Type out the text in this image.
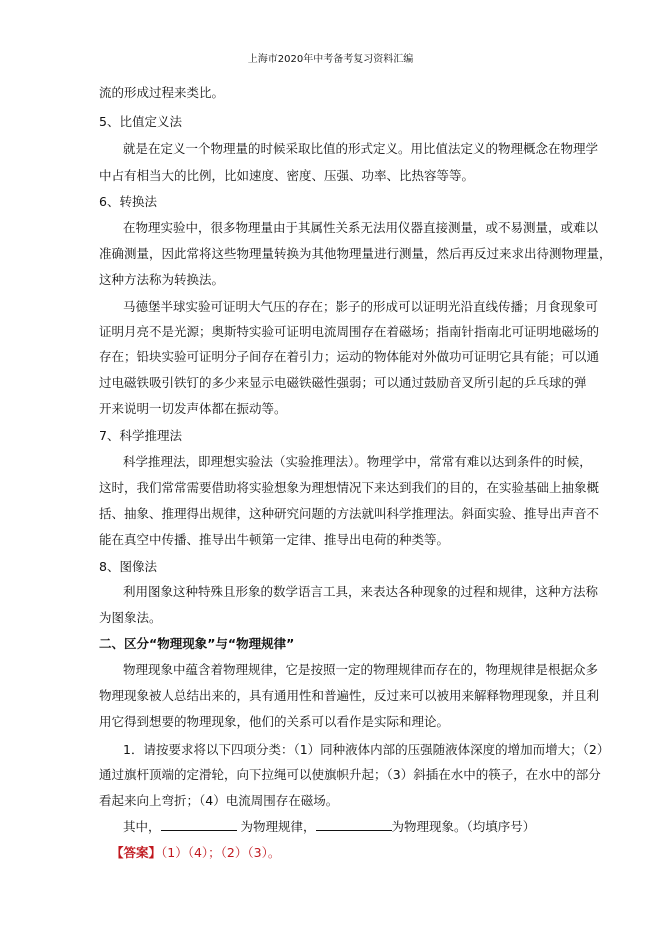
上海市2020年中考备考复习资料汇编
流的形成过程来类比。
5、比值定义法
就是在定义一个物理量的时候采取比值的形式定义。用比值法定义的物理概念在物理学
中占有相当大的比例，比如速度、密度、压强、功率、比热容等等。
6、转换法
在物理实验中，很多物理量由于其属性关系无法用仪器直接测量，或不易测量，或难以
准确测量，因此常将这些物理量转换为其他物理量进行测量，然后再反过来求出待测物理量，
这种方法称为转换法。
马德堡半球实验可证明大气压的存在；影子的形成可以证明光沿直线传播；月食现象可
证明月亮不是光源；奥斯特实验可证明电流周围存在着磁场；指南针指南北可证明地磁场的
存在；铅块实验可证明分子间存在着引力；运动的物体能对外做功可证明它具有能；可以通
过电磁铁吸引铁钉的多少来显示电磁铁磁性强弱；可以通过鼓励音叉所引起的乒乓球的弹
开来说明一切发声体都在振动等。
7、科学推理法
科学推理法，即理想实验法（实验推理法）。物理学中，常常有难以达到条件的时候，
这时，我们常常需要借助将实验想象为理想情况下来达到我们的目的，在实验基础上抽象概
括、抽象、推理得出规律，这种研究问题的方法就叫科学推理法。斜面实验、推导出声音不
能在真空中传播、推导出牛顿第一定律、推导出电荷的种类等。
8、图像法
利用图象这种特殊且形象的数学语言工具，来表达各种现象的过程和规律，这种方法称
为图象法。
二、区分“物理现象”与“物理规律”
物理现象中蕴含着物理规律，它是按照一定的物理规律而存在的，物理规律是根据众多
物理现象被人总结出来的，具有通用性和普遍性，反过来可以被用来解释物理现象，并且利
用它得到想要的物理现象，他们的关系可以看作是实际和理论。
1．请按要求将以下四项分类：（1）同种液体内部的压强随液体深度的增加而增大；（2）
通过旗杆顶端的定滑轮，向下拉绳可以使旗帜升起；（3）斜插在水中的筷子，在水中的部分
看起来向上弯折；（4）电流周围存在磁场。
其中，	为物理规律，	为物理现象。（均填序号）
【答案】（1）（4）；（2）（3）。
